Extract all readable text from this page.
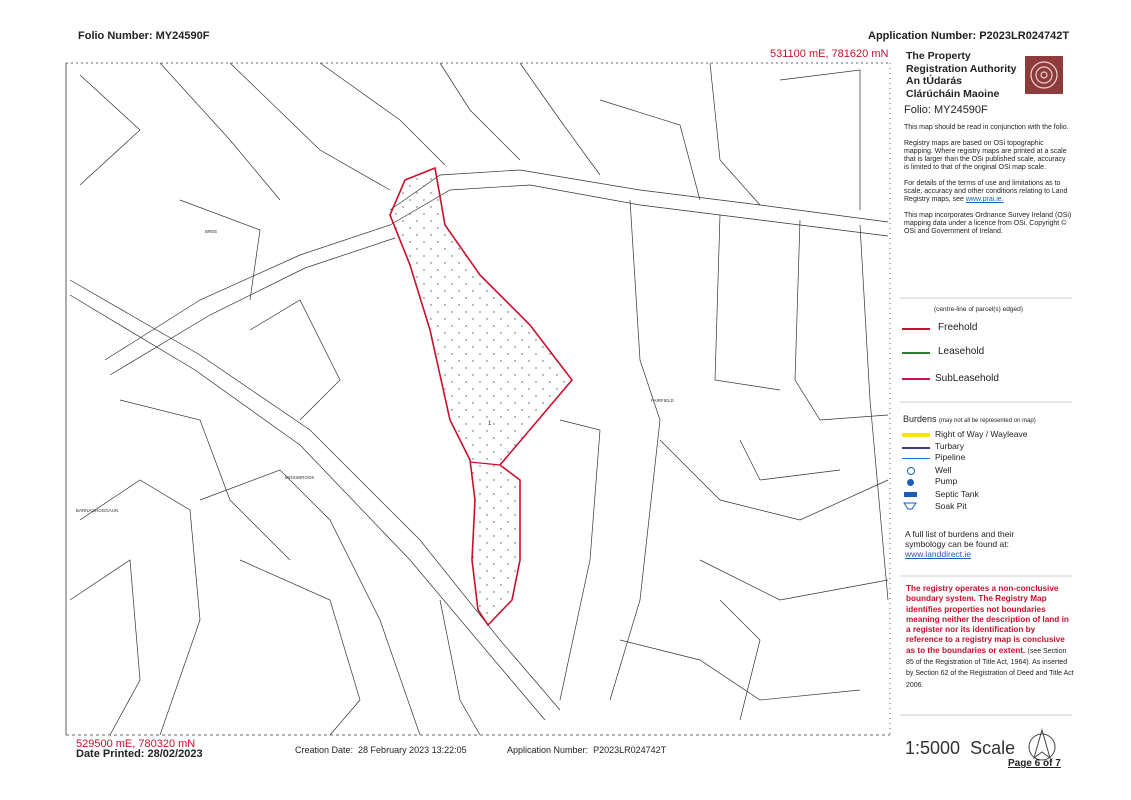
Folio Number: MY24590F	Application Number: P2023LR024742T
531100 mE, 781620 mN
1
BREE
FAIRFIELD
MOSSBROOK
BARNAGROGGAUN
The Property
Registration Authority
An tÚdarás
Clárúcháin Maoine
Folio: MY24590F

This map should be read in conjunction with the folio.

Registry maps are based on OSi topographic mapping. Where registry maps are printed at a scale that is larger than the OSi published scale, accuracy is limited to that of the original OSi map scale.

For details of the terms of use and limitations as to scale, accuracy and other conditions relating to Land Registry maps, see www.prai.ie.

This map incorporates Ordnance Survey Ireland (OSi) mapping data under a licence from OSi. Copyright © OSi and Government of Ireland.

(centre-line of parcel(s) edged)
Freehold
Leasehold
SubLeasehold
Burdens (may not all be represented on map)
Right of Way / Wayleave
Turbary
Pipeline
Well
Pump
Septic Tank
Soak Pit
A full list of burdens and their symbology can be found at:
www.landdirect.ie
The registry operates a non-conclusive boundary system. The Registry Map identifies properties not boundaries meaning neither the description of land in a register nor its identification by reference to a registry map is conclusive as to the boundaries or extent. (see Section 85 of the Registration of Title Act, 1964). As inserted by Section 62 of the Registration of Deed and Title Act 2006.
529500 mE, 780320 mN
Date Printed: 28/02/2023	Creation Date: 28 February 2023 13:22:05	Application Number: P2023LR024742T	1:5000 Scale
Page 6 of 7
